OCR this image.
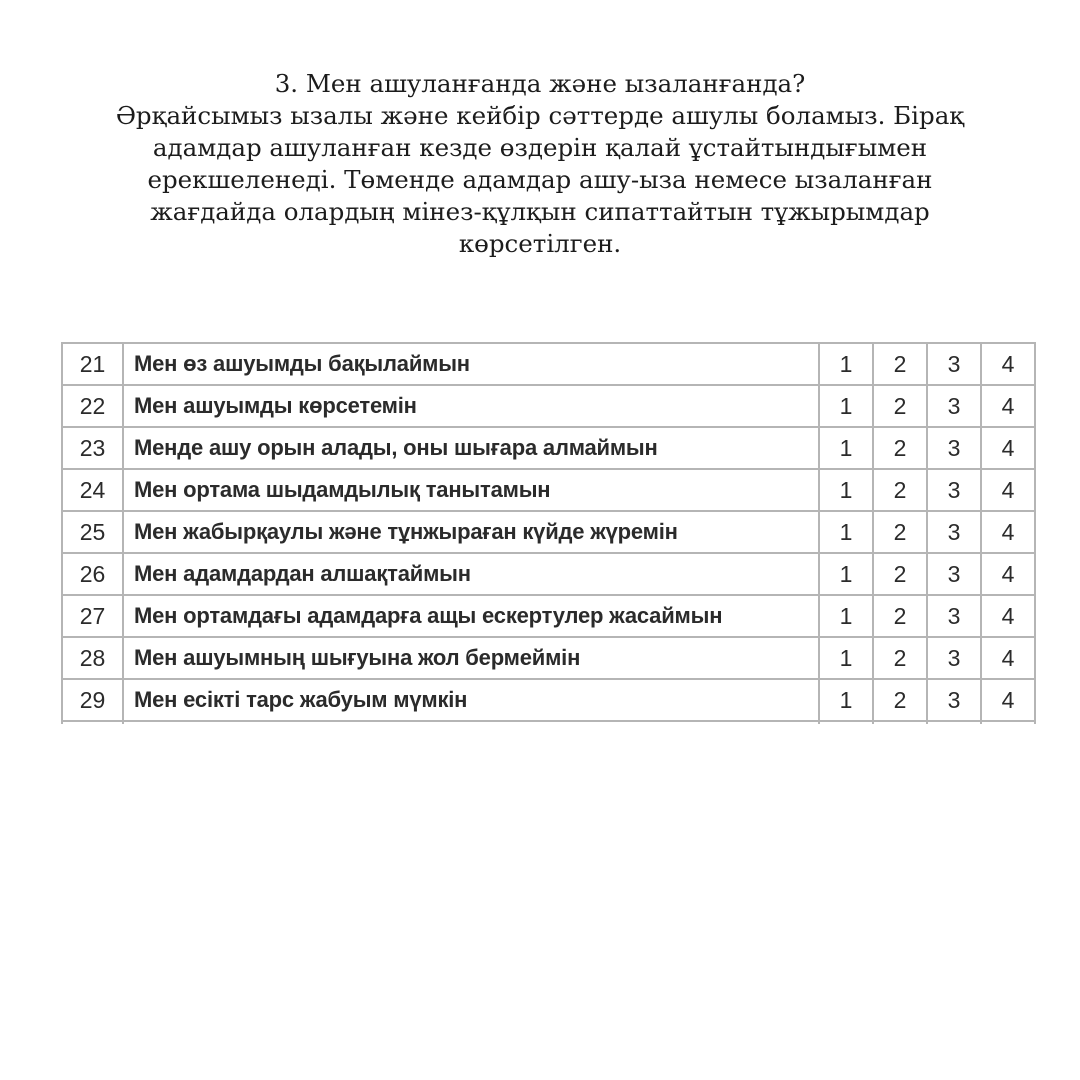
3. Мен ашуланғанда және ызаланғанда?
Әрқайсымыз ызалы және кейбір сәттерде ашулы боламыз. Бірақ
адамдар ашуланған кезде өздерін қалай ұстайтындығымен
ерекшеленеді. Төменде адамдар ашу-ыза немесе ызаланған
жағдайда олардың мінез-құлқын сипаттайтын тұжырымдар
көрсетілген.
21	Мен өз ашуымды бақылаймын	1	2	3	4
22	Мен ашуымды көрсетемін	1	2	3	4
23	Менде ашу орын алады, оны шығара алмаймын	1	2	3	4
24	Мен ортама шыдамдылық танытамын	1	2	3	4
25	Мен жабырқаулы және тұнжыраған күйде жүремін	1	2	3	4
26	Мен адамдардан алшақтаймын	1	2	3	4
27	Мен ортамдағы адамдарға ащы ескертулер жасаймын	1	2	3	4
28	Мен ашуымның шығуына жол бермеймін	1	2	3	4
29	Мен есікті тарс жабуым мүмкін	1	2	3	4
